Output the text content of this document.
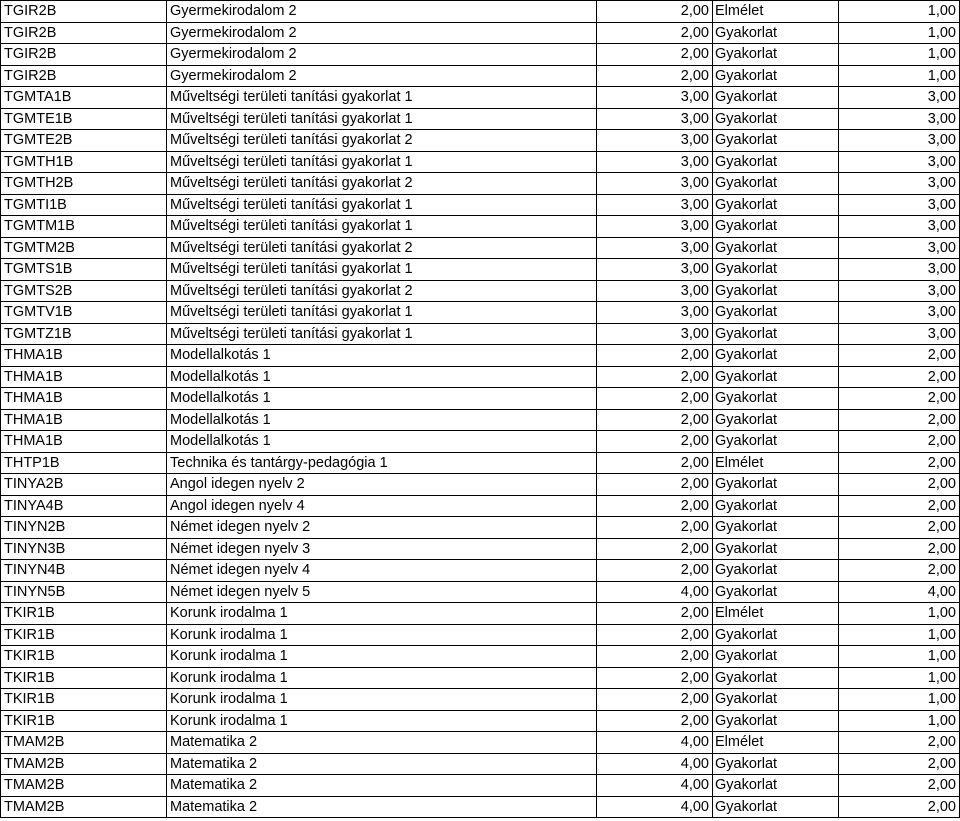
TGIR2B	Gyermekirodalom 2	2,00	Elmélet	1,00
TGIR2B	Gyermekirodalom 2	2,00	Gyakorlat	1,00
TGIR2B	Gyermekirodalom 2	2,00	Gyakorlat	1,00
TGIR2B	Gyermekirodalom 2	2,00	Gyakorlat	1,00
TGMTA1B	Műveltségi területi tanítási gyakorlat 1	3,00	Gyakorlat	3,00
TGMTE1B	Műveltségi területi tanítási gyakorlat 1	3,00	Gyakorlat	3,00
TGMTE2B	Műveltségi területi tanítási gyakorlat 2	3,00	Gyakorlat	3,00
TGMTH1B	Műveltségi területi tanítási gyakorlat 1	3,00	Gyakorlat	3,00
TGMTH2B	Műveltségi területi tanítási gyakorlat 2	3,00	Gyakorlat	3,00
TGMTI1B	Műveltségi területi tanítási gyakorlat 1	3,00	Gyakorlat	3,00
TGMTM1B	Műveltségi területi tanítási gyakorlat 1	3,00	Gyakorlat	3,00
TGMTM2B	Műveltségi területi tanítási gyakorlat 2	3,00	Gyakorlat	3,00
TGMTS1B	Műveltségi területi tanítási gyakorlat 1	3,00	Gyakorlat	3,00
TGMTS2B	Műveltségi területi tanítási gyakorlat 2	3,00	Gyakorlat	3,00
TGMTV1B	Műveltségi területi tanítási gyakorlat 1	3,00	Gyakorlat	3,00
TGMTZ1B	Műveltségi területi tanítási gyakorlat 1	3,00	Gyakorlat	3,00
THMA1B	Modellalkotás 1	2,00	Gyakorlat	2,00
THMA1B	Modellalkotás 1	2,00	Gyakorlat	2,00
THMA1B	Modellalkotás 1	2,00	Gyakorlat	2,00
THMA1B	Modellalkotás 1	2,00	Gyakorlat	2,00
THMA1B	Modellalkotás 1	2,00	Gyakorlat	2,00
THTP1B	Technika és tantárgy-pedagógia 1	2,00	Elmélet	2,00
TINYA2B	Angol idegen nyelv 2	2,00	Gyakorlat	2,00
TINYA4B	Angol idegen nyelv 4	2,00	Gyakorlat	2,00
TINYN2B	Német idegen nyelv 2	2,00	Gyakorlat	2,00
TINYN3B	Német idegen nyelv 3	2,00	Gyakorlat	2,00
TINYN4B	Német idegen nyelv 4	2,00	Gyakorlat	2,00
TINYN5B	Német idegen nyelv 5	4,00	Gyakorlat	4,00
TKIR1B	Korunk irodalma 1	2,00	Elmélet	1,00
TKIR1B	Korunk irodalma 1	2,00	Gyakorlat	1,00
TKIR1B	Korunk irodalma 1	2,00	Gyakorlat	1,00
TKIR1B	Korunk irodalma 1	2,00	Gyakorlat	1,00
TKIR1B	Korunk irodalma 1	2,00	Gyakorlat	1,00
TKIR1B	Korunk irodalma 1	2,00	Gyakorlat	1,00
TMAM2B	Matematika 2	4,00	Elmélet	2,00
TMAM2B	Matematika 2	4,00	Gyakorlat	2,00
TMAM2B	Matematika 2	4,00	Gyakorlat	2,00
TMAM2B	Matematika 2	4,00	Gyakorlat	2,00
